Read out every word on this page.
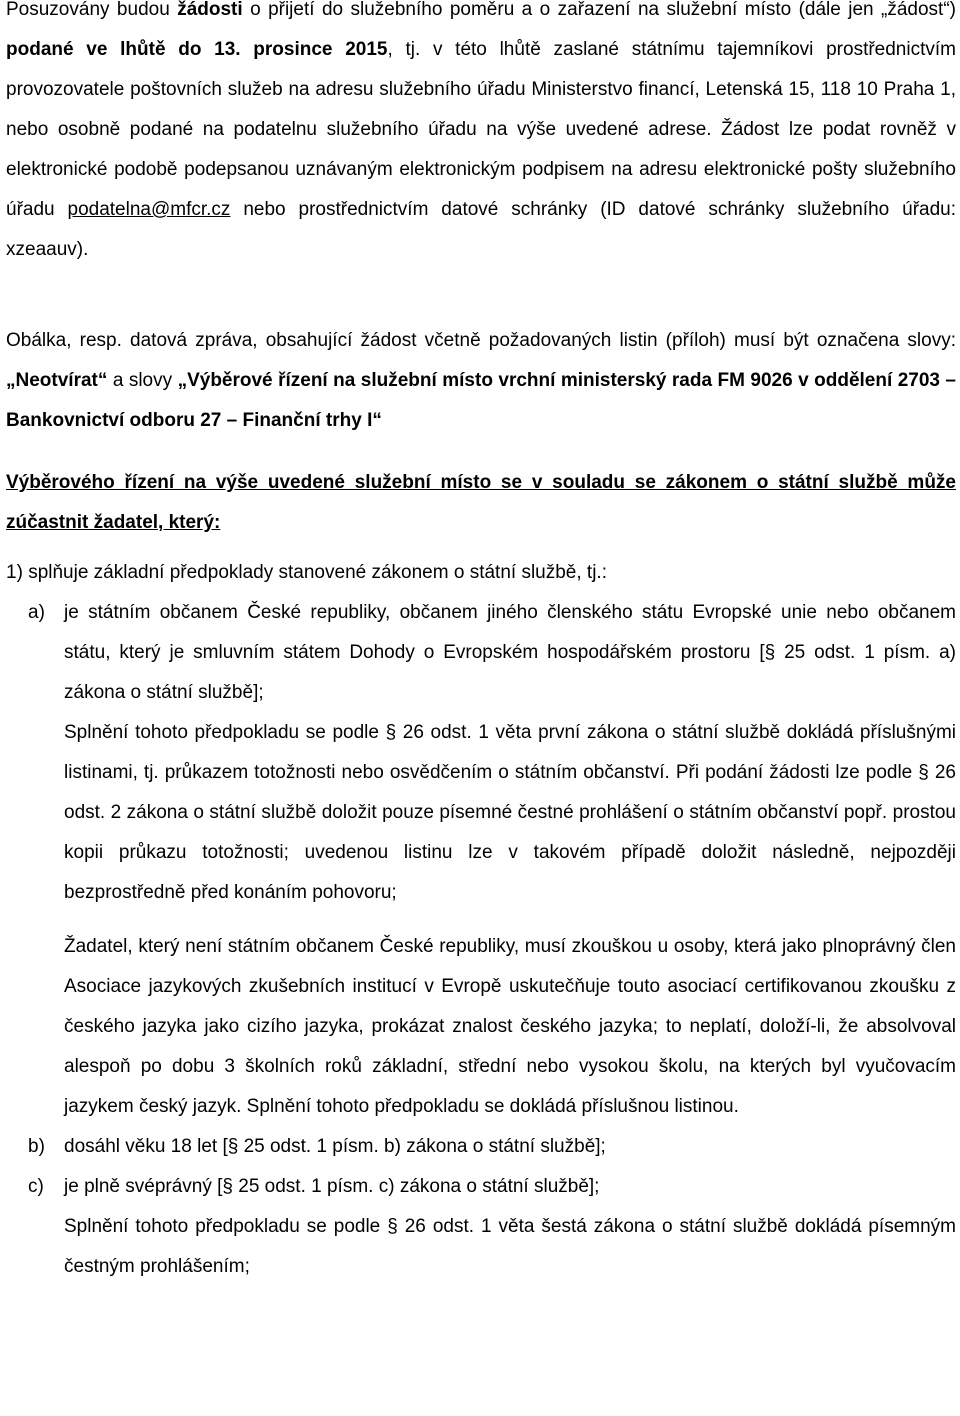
Posuzovány budou žádosti o přijetí do služebního poměru a o zařazení na služební místo (dále jen „žádost“) podané ve lhůtě do 13. prosince 2015, tj. v této lhůtě zaslané státnímu tajemníkovi prostřednictvím provozovatele poštovních služeb na adresu služebního úřadu Ministerstvo financí, Letenská 15, 118 10 Praha 1, nebo osobně podané na podatelnu služebního úřadu na výše uvedené adrese. Žádost lze podat rovněž v elektronické podobě podepsanou uznávaným elektronickým podpisem na adresu elektronické pošty služebního úřadu podatelna@mfcr.cz nebo prostřednictvím datové schránky (ID datové schránky služebního úřadu: xzeaauv).

Obálka, resp. datová zpráva, obsahující žádost včetně požadovaných listin (příloh) musí být označena slovy: „Neotvírat“ a slovy „Výběrové řízení na služební místo vrchní ministerský rada FM 9026 v oddělení 2703 – Bankovnictví odboru 27 – Finanční trhy I“

Výběrového řízení na výše uvedené služební místo se v souladu se zákonem o státní službě může zúčastnit žadatel, který:

1) splňuje základní předpoklady stanovené zákonem o státní službě, tj.:

a) je státním občanem České republiky, občanem jiného členského státu Evropské unie nebo občanem státu, který je smluvním státem Dohody o Evropském hospodářském prostoru [§ 25 odst. 1 písm. a) zákona o státní službě];

Splnění tohoto předpokladu se podle § 26 odst. 1 věta první zákona o státní službě dokládá příslušnými listinami, tj. průkazem totožnosti nebo osvědčením o státním občanství. Při podání žádosti lze podle § 26 odst. 2 zákona o státní službě doložit pouze písemné čestné prohlášení o státním občanství popř. prostou kopii průkazu totožnosti; uvedenou listinu lze v takovém případě doložit následně, nejpozději bezprostředně před konáním pohovoru;

Žadatel, který není státním občanem České republiky, musí zkouškou u osoby, která jako plnoprávný člen Asociace jazykových zkušebních institucí v Evropě uskutečňuje touto asociací certifikovanou zkoušku z českého jazyka jako cizího jazyka, prokázat znalost českého jazyka; to neplatí, doloží-li, že absolvoval alespoň po dobu 3 školních roků základní, střední nebo vysokou školu, na kterých byl vyučovacím jazykem český jazyk. Splnění tohoto předpokladu se dokládá příslušnou listinou.

b) dosáhl věku 18 let [§ 25 odst. 1 písm. b) zákona o státní službě];

c) je plně svéprávný [§ 25 odst. 1 písm. c) zákona o státní službě];

Splnění tohoto předpokladu se podle § 26 odst. 1 věta šestá zákona o státní službě dokládá písemným čestným prohlášením;
